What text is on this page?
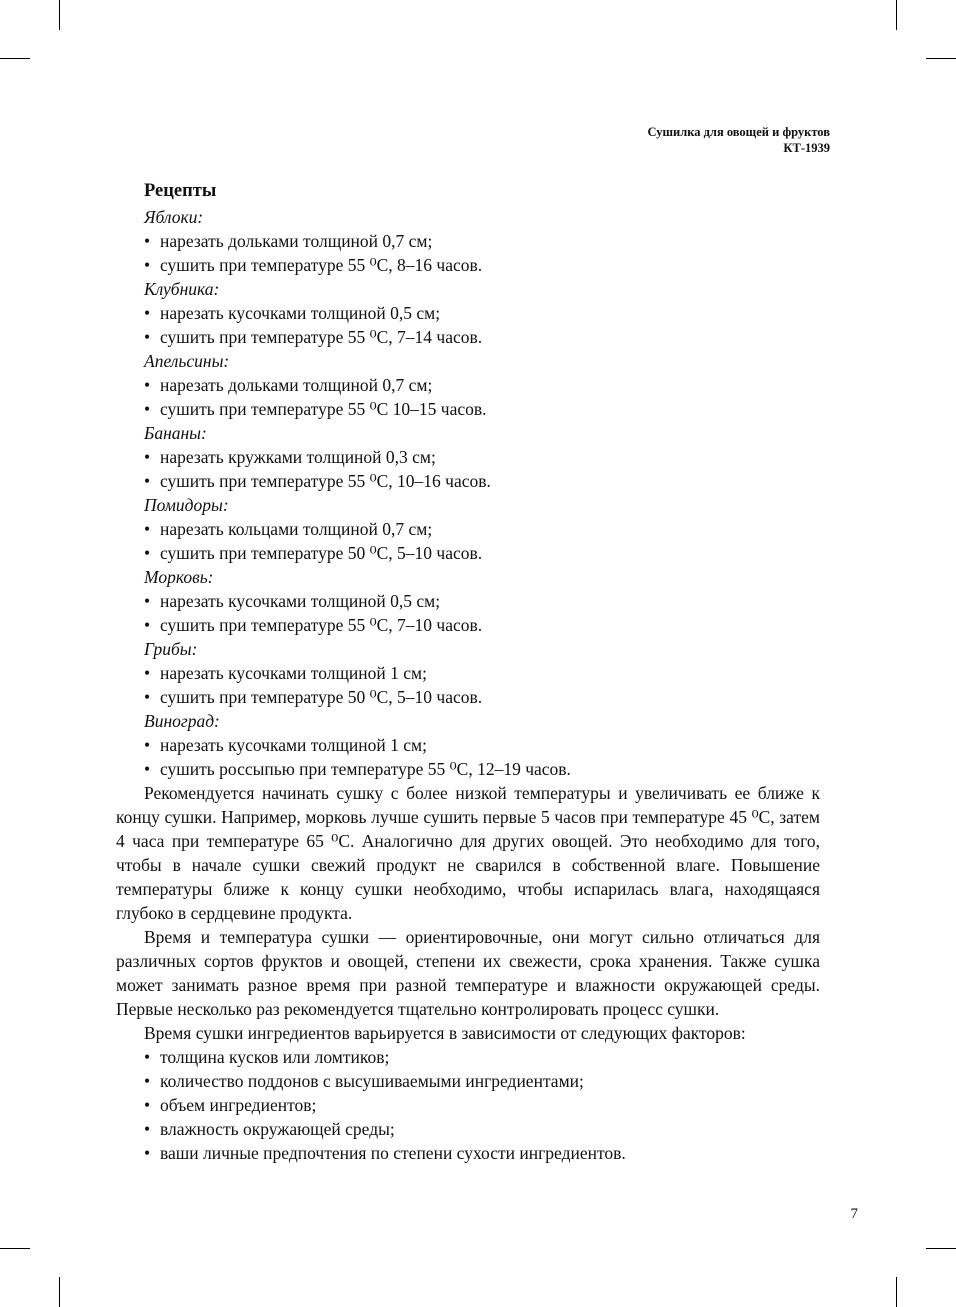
Сушилка для овощей и фруктов
КТ-1939
Рецепты
Яблоки:
• нарезать дольками толщиной 0,7 см;
• сушить при температуре 55 ⁰С, 8–16 часов.
Клубника:
• нарезать кусочками толщиной 0,5 см;
• сушить при температуре 55 ⁰С, 7–14 часов.
Апельсины:
• нарезать дольками толщиной 0,7 см;
• сушить при температуре 55 ⁰С 10–15 часов.
Бананы:
• нарезать кружками толщиной 0,3 см;
• сушить при температуре 55 ⁰С, 10–16 часов.
Помидоры:
• нарезать кольцами толщиной 0,7 см;
• сушить при температуре 50 ⁰С, 5–10 часов.
Морковь:
• нарезать кусочками толщиной 0,5 см;
• сушить при температуре 55 ⁰С, 7–10 часов.
Грибы:
• нарезать кусочками толщиной 1 см;
• сушить при температуре 50 ⁰С, 5–10 часов.
Виноград:
• нарезать кусочками толщиной 1 см;
• сушить россыпью при температуре 55 ⁰С, 12–19 часов.
Рекомендуется начинать сушку с более низкой температуры и увеличивать ее ближе к концу сушки. Например, морковь лучше сушить первые 5 часов при температуре 45 ⁰С, затем 4 часа при температуре 65 ⁰С. Аналогично для других овощей. Это необходимо для того, чтобы в начале сушки свежий продукт не сварился в собственной влаге. Повышение температуры ближе к концу сушки необходимо, чтобы испарилась влага, находящаяся глубоко в сердцевине продукта.
Время и температура сушки — ориентировочные, они могут сильно отличаться для различных сортов фруктов и овощей, степени их свежести, срока хранения. Также сушка может занимать разное время при разной температуре и влажности окружающей среды. Первые несколько раз рекомендуется тщательно контролировать процесс сушки.
Время сушки ингредиентов варьируется в зависимости от следующих факторов:
• толщина кусков или ломтиков;
• количество поддонов с высушиваемыми ингредиентами;
• объем ингредиентов;
• влажность окружающей среды;
• ваши личные предпочтения по степени сухости ингредиентов.
7
